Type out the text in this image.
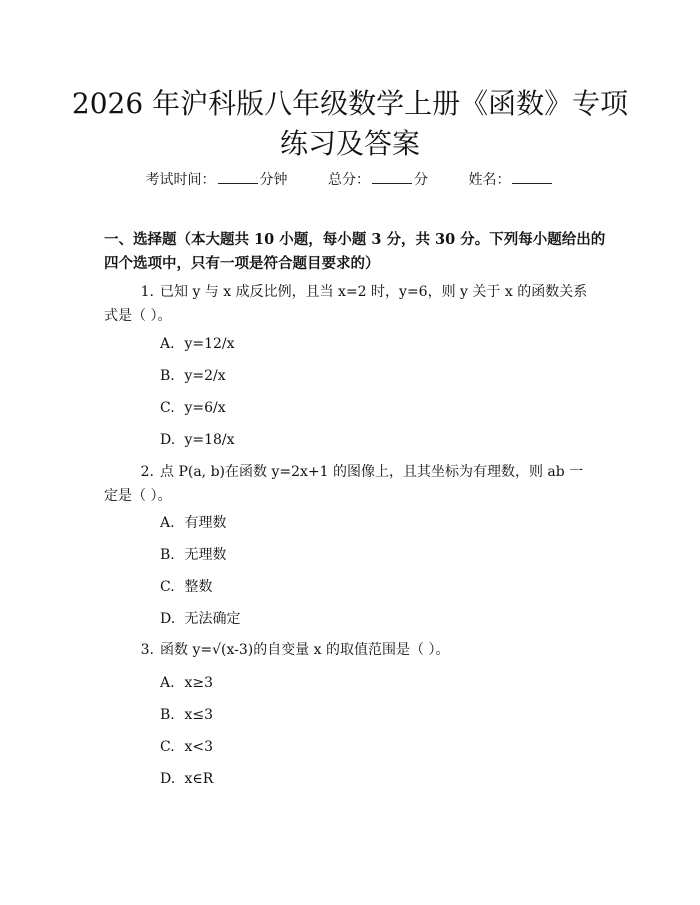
2026 年沪科版八年级数学上册《函数》专项
练习及答案
考试时间：	分钟	总分：	分	姓名：

一、选择题（本大题共 10 小题，每小题 3 分，共 30 分。下列每小题给出的四个选项中，只有一项是符合题目要求的）

1. 已知 y 与 x 成反比例，且当 x=2 时，y=6，则 y 关于 x 的函数关系式是（ ）。

A. y=12/x

B. y=2/x

C. y=6/x

D. y=18/x

2. 点 P(a, b)在函数 y=2x+1 的图像上，且其坐标为有理数，则 ab 一定是（ ）。

A. 有理数

B. 无理数

C. 整数

D. 无法确定

3. 函数 y=√(x-3)的自变量 x 的取值范围是（ ）。

A. x≥3

B. x≤3

C. x<3

D. x∈R
